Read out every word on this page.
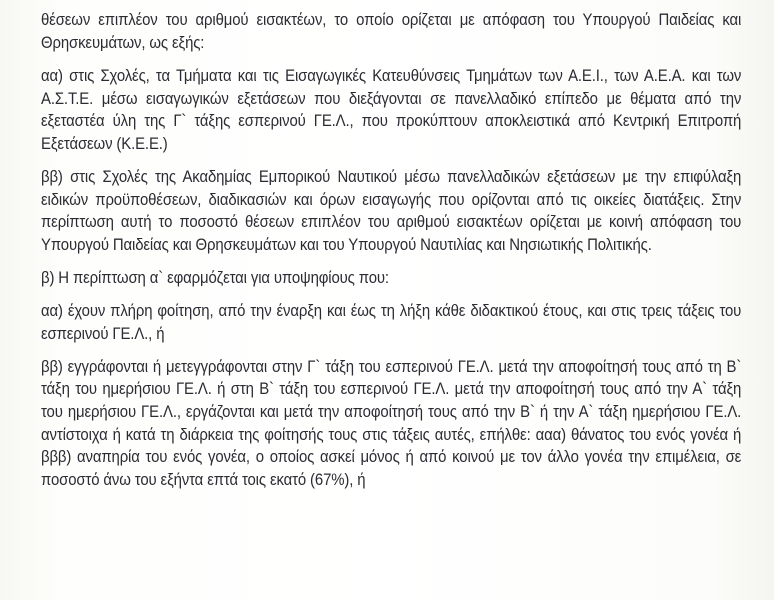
θέσεων επιπλέον του αριθμού εισακτέων, το οποίο ορίζεται με απόφαση του Υπουργού Παιδείας και Θρησκευμάτων, ως εξής:

αα) στις Σχολές, τα Τμήματα και τις Εισαγωγικές Κατευθύνσεις Τμημάτων των Α.Ε.Ι., των Α.Ε.Α. και των Α.Σ.Τ.Ε. μέσω εισαγωγικών εξετάσεων που διεξάγονται σε πανελλαδικό επίπεδο με θέματα από την εξεταστέα ύλη της Γ` τάξης εσπερινού ΓΕ.Λ., που προκύπτουν αποκλειστικά από Κεντρική Επιτροπή Εξετάσεων (Κ.Ε.Ε.)

ββ) στις Σχολές της Ακαδημίας Εμπορικού Ναυτικού μέσω πανελλαδικών εξετάσεων με την επιφύλαξη ειδικών προϋποθέσεων, διαδικασιών και όρων εισαγωγής που ορίζονται από τις οικείες διατάξεις. Στην περίπτωση αυτή το ποσοστό θέσεων επιπλέον του αριθμού εισακτέων ορίζεται με κοινή απόφαση του Υπουργού Παιδείας και Θρησκευμάτων και του Υπουργού Ναυτιλίας και Νησιωτικής Πολιτικής.

β) Η περίπτωση α` εφαρμόζεται για υποψηφίους που:

αα) έχουν πλήρη φοίτηση, από την έναρξη και έως τη λήξη κάθε διδακτικού έτους, και στις τρεις τάξεις του εσπερινού ΓΕ.Λ., ή

ββ) εγγράφονται ή μετεγγράφονται στην Γ` τάξη του εσπερινού ΓΕ.Λ. μετά την αποφοίτησή τους από τη Β` τάξη του ημερήσιου ΓΕ.Λ. ή στη Β` τάξη του εσπερινού ΓΕ.Λ. μετά την αποφοίτησή τους από την Α` τάξη του ημερήσιου ΓΕ.Λ., εργάζονται και μετά την αποφοίτησή τους από την Β` ή την Α` τάξη ημερήσιου ΓΕ.Λ. αντίστοιχα ή κατά τη διάρκεια της φοίτησής τους στις τάξεις αυτές, επήλθε: ααα) θάνατος του ενός γονέα ή βββ) αναπηρία του ενός γονέα, ο οποίος ασκεί μόνος ή από κοινού με τον άλλο γονέα την επιμέλεια, σε ποσοστό άνω του εξήντα επτά τοις εκατό (67%), ή
